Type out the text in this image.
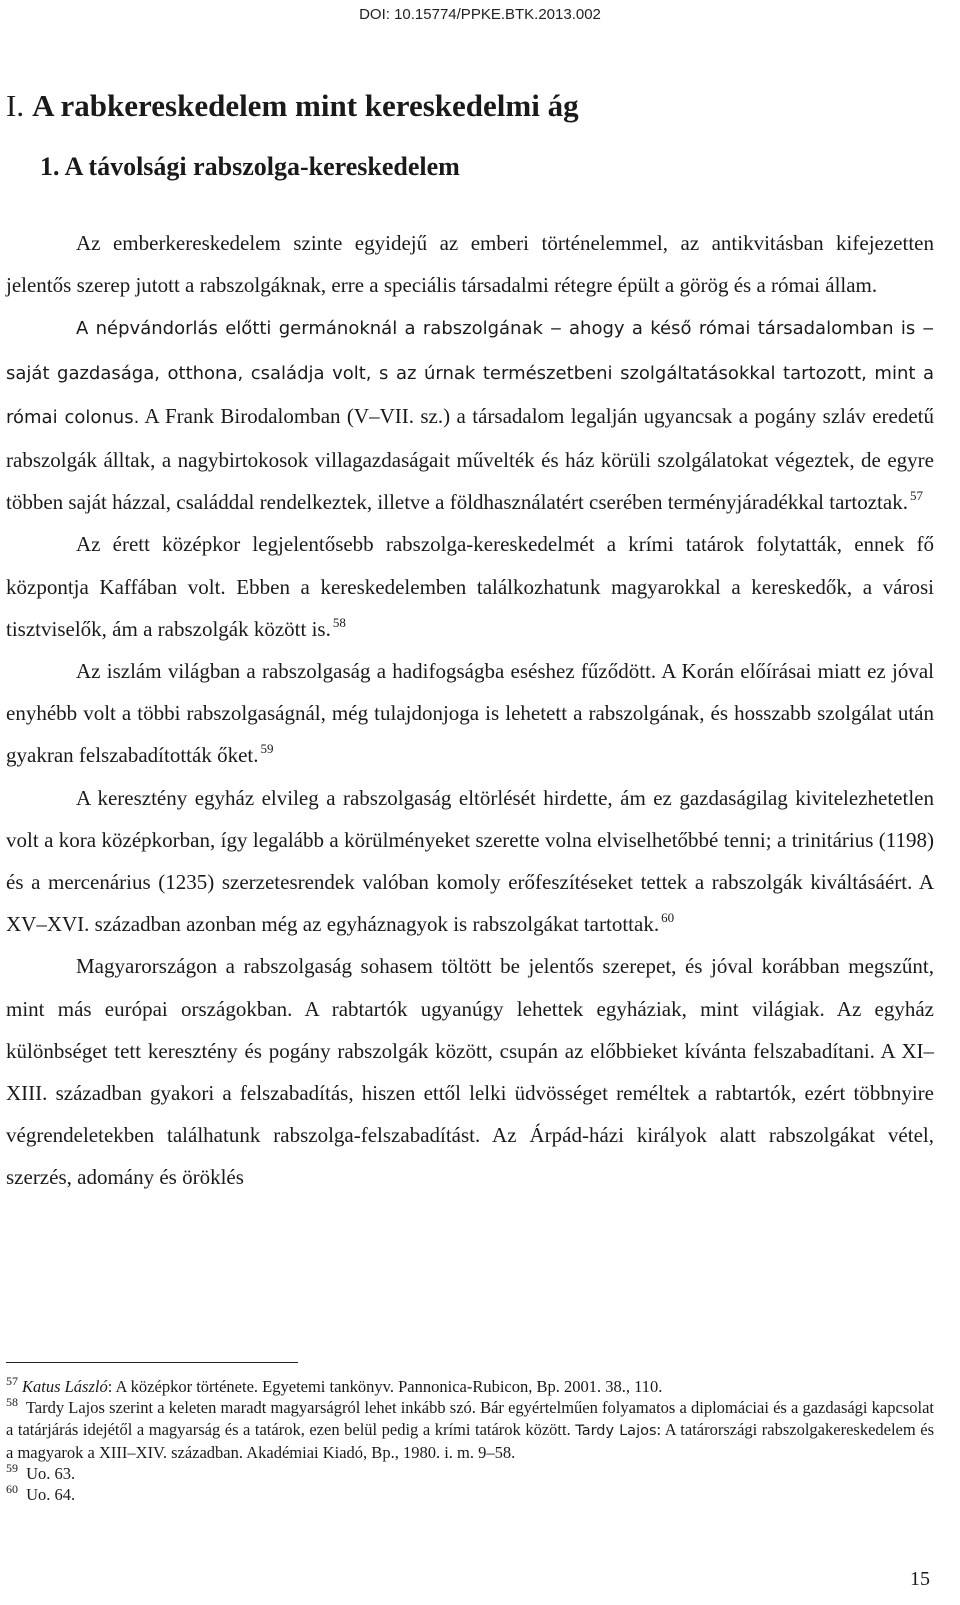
DOI: 10.15774/PPKE.BTK.2013.002
I. A rabkereskedelem mint kereskedelmi ág
1. A távolsági rabszolga-kereskedelem

Az emberkereskedelem szinte egyidejű az emberi történelemmel, az antikvitásban kifejezetten jelentős szerep jutott a rabszolgáknak, erre a speciális társadalmi rétegre épült a görög és a római állam.

A népvándorlás előtti germánoknál a rabszolgának ‒ ahogy a késő római társadalomban is ‒ saját gazdasága, otthona, családja volt, s az úrnak természetbeni szolgáltatásokkal tartozott, mint a római colonus. A Frank Birodalomban (V‒VII. sz.) a társadalom legalján ugyancsak a pogány szláv eredetű rabszolgák álltak, a nagybirtokosok villagazdaságait művelték és ház körüli szolgálatokat végeztek, de egyre többen saját házzal, családdal rendelkeztek, illetve a földhasználatért cserében terményjáradékkal tartoztak. $^{57}$

Az érett középkor legjelentősebb rabszolga-kereskedelmét a krími tatárok folytatták, ennek fő központja Kaffában volt. Ebben a kereskedelemben találkozhatunk magyarokkal a kereskedők, a városi tisztviselők, ám a rabszolgák között is. $^{58}$

Az iszlám világban a rabszolgaság a hadifogságba eséshez fűződött. A Korán előírásai miatt ez jóval enyhébb volt a többi rabszolgaságnál, még tulajdonjoga is lehetett a rabszolgának, és hosszabb szolgálat után gyakran felszabadították őket. $^{59}$

A keresztény egyház elvileg a rabszolgaság eltörlését hirdette, ám ez gazdaságilag kivitelezhetetlen volt a kora középkorban, így legalább a körülményeket szerette volna elviselhetőbbé tenni; a trinitárius (1198) és a mercenárius (1235) szerzetesrendek valóban komoly erőfeszítéseket tettek a rabszolgák kiváltásáért. A XV‒XVI. században azonban még az egyháznagyok is rabszolgákat tartottak. $^{60}$

Magyarországon a rabszolgaság sohasem töltött be jelentős szerepet, és jóval korábban megszűnt, mint más európai országokban. A rabtartók ugyanúgy lehettek egyháziak, mint világiak. Az egyház különbséget tett keresztény és pogány rabszolgák között, csupán az előbbieket kívánta felszabadítani. A XI‒XIII. században gyakori a felszabadítás, hiszen ettől lelki üdvösséget reméltek a rabtartók, ezért többnyire végrendeletekben találhatunk rabszolga-felszabadítást. Az Árpád-házi királyok alatt rabszolgákat vétel, szerzés, adomány és öröklés

$^{57}$ Katus László: A középkor története. Egyetemi tankönyv. Pannonica-Rubicon, Bp. 2001. 38., 110.

$^{58}$ Tardy Lajos szerint a keleten maradt magyarságról lehet inkább szó. Bár egyértelműen folyamatos a diplomáciai és a gazdasági kapcsolat a tatárjárás idejétől a magyarság és a tatárok, ezen belül pedig a krími tatárok között. Tardy Lajos: A tatárországi rabszolgakereskedelem és a magyarok a XIII‒XIV. században. Akadémiai Kiadó, Bp., 1980. i. m. 9‒58.

$^{59}$ Uo. 63.

$^{60}$ Uo. 64.

15
